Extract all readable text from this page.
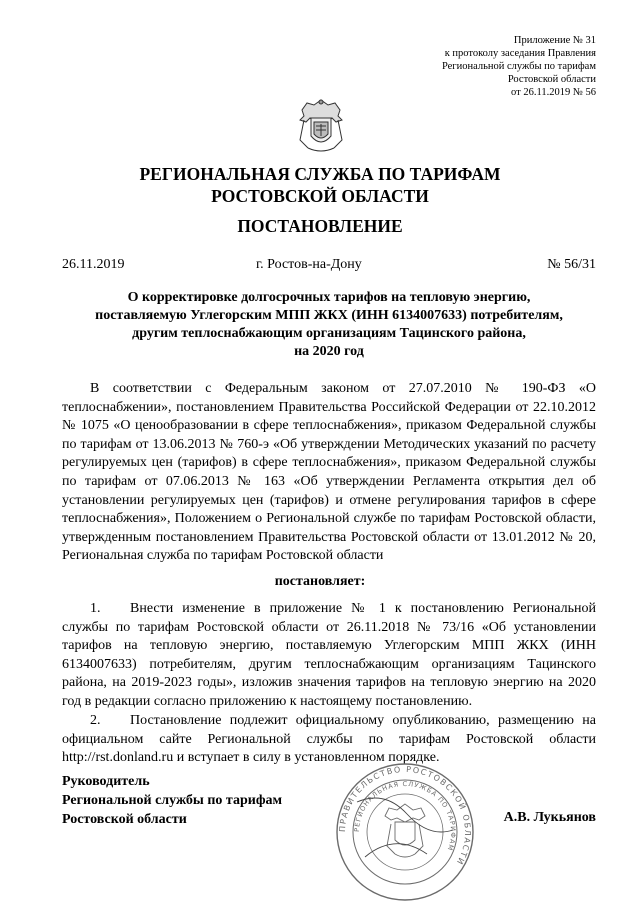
Приложение № 31
к протоколу заседания Правления
Региональной службы по тарифам
Ростовской области
от 26.11.2019 № 56
РЕГИОНАЛЬНАЯ СЛУЖБА ПО ТАРИФАМ
РОСТОВСКОЙ ОБЛАСТИ
ПОСТАНОВЛЕНИЕ
26.11.2019	г. Ростов-на-Дону	№ 56/31
О корректировке долгосрочных тарифов на тепловую энергию,
поставляемую Углегорским МПП ЖКХ (ИНН 6134007633) потребителям,
другим теплоснабжающим организациям Тацинского района,
на 2020 год

В соответствии с Федеральным законом от 27.07.2010 № 190-ФЗ «О теплоснабжении», постановлением Правительства Российской Федерации от 22.10.2012 № 1075 «О ценообразовании в сфере теплоснабжения», приказом Федеральной службы по тарифам от 13.06.2013 № 760-э «Об утверждении Методических указаний по расчету регулируемых цен (тарифов) в сфере теплоснабжения», приказом Федеральной службы по тарифам от 07.06.2013 № 163 «Об утверждении Регламента открытия дел об установлении регулируемых цен (тарифов) и отмене регулирования тарифов в сфере теплоснабжения», Положением о Региональной службе по тарифам Ростовской области, утвержденным постановлением Правительства Ростовской области от 13.01.2012 № 20, Региональная служба по тарифам Ростовской области

постановляет:

1. Внести изменение в приложение № 1 к постановлению Региональной службы по тарифам Ростовской области от 26.11.2018 № 73/16 «Об установлении тарифов на тепловую энергию, поставляемую Углегорским МПП ЖКХ (ИНН 6134007633) потребителям, другим теплоснабжающим организациям Тацинского района, на 2019-2023 годы», изложив значения тарифов на тепловую энергию на 2020 год в редакции согласно приложению к настоящему постановлению.

2. Постановление подлежит официальному опубликованию, размещению на официальном сайте Региональной службы по тарифам Ростовской области http://rst.donland.ru и вступает в силу в установленном порядке.

Руководитель
Региональной службы по тарифам
Ростовской области
ПРАВИТЕЛЬСТВО РОСТОВСКОЙ ОБЛАСТИ
РЕГИОНАЛЬНАЯ СЛУЖБА ПО ТАРИФАМ
А.В. Лукьянов
